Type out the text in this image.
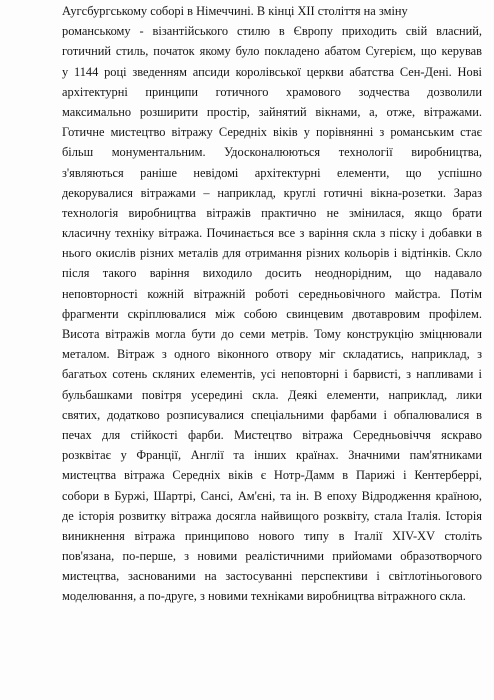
Аугсбургському соборі в Німеччині. В кінці ХІІ століття на зміну
романському - візантійського стилю в Європу приходить свій власний,
готичний стиль, початок якому було покладено абатом Сугерієм, що керував
у 1144 році зведенням апсиди королівської церкви абатства Сен-Дені. Нові
архітектурні принципи готичного храмового зодчества дозволили
максимально розширити простір, зайнятий вікнами, а, отже, вітражами.
Готичне мистецтво вітражу Середніх віків у порівнянні з романським стає
більш монументальним. Удосконалюються технології виробництва,
з'являються раніше невідомі архітектурні елементи, що успішно
декорувалися вітражами – наприклад, круглі готичні вікна-розетки. Зараз
технологія виробництва вітражів практично не змінилася, якщо брати
класичну техніку вітража. Починається все з варіння скла з піску і добавки в
нього окислів різних металів для отримання різних кольорів і відтінків. Скло
після такого варіння виходило досить неоднорідним, що надавало
неповторності кожній вітражній роботі середньовічного майстра. Потім
фрагменти скріплювалися між собою свинцевим двотавровим профілем.
Висота вітражів могла бути до семи метрів. Тому конструкцію зміцнювали
металом. Вітраж з одного віконного отвору міг складатись, наприклад, з
багатьох сотень скляних елементів, усі неповторні і барвисті, з напливами і
бульбашками повітря усередині скла. Деякі елементи, наприклад, лики
святих, додатково розписувалися спеціальними фарбами і обпалювалися в
печах для стійкості фарби. Мистецтво вітража Середньовіччя яскраво
розквітає у Франції, Англії та інших країнах. Значними пам'ятниками
мистецтва вітража Середніх віків є Нотр-Дамм в Парижі і Кентерберрі,
собори в Буржі, Шартрі, Сансі, Ам'єні, та ін. В епоху Відродження країною,
де історія розвитку вітража досягла найвищого розквіту, стала Італія. Історія
виникнення вітража принципово нового типу в Італії XIV-XV століть
пов'язана, по-перше, з новими реалістичними прийомами образотворчого
мистецтва, заснованими на застосуванні перспективи і світлотіньогового
моделювання, а по-друге, з новими техніками виробництва вітражного скла.
